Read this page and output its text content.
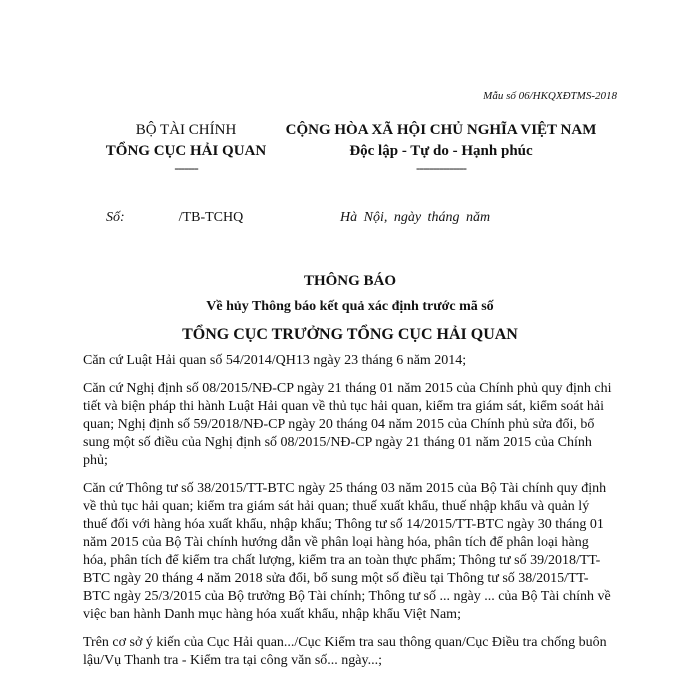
Mẫu số 06/HKQXĐTMS-2018
BỘ TÀI CHÍNH
TỔNG CỤC HẢI QUAN
-------
CỘNG HÒA XÃ HỘI CHỦ NGHĨA VIỆT NAM
Độc lập - Tự do - Hạnh phúc
---------------
Số:	/TB-TCHQ	Hà Nội, ngày tháng năm
THÔNG BÁO
Về hủy Thông báo kết quả xác định trước mã số
TỔNG CỤC TRƯỞNG TỔNG CỤC HẢI QUAN

Căn cứ Luật Hải quan số 54/2014/QH13 ngày 23 tháng 6 năm 2014;

Căn cứ Nghị định số 08/2015/NĐ-CP ngày 21 tháng 01 năm 2015 của Chính phủ quy định chi tiết và biện pháp thi hành Luật Hải quan về thủ tục hải quan, kiểm tra giám sát, kiểm soát hải quan; Nghị định số 59/2018/NĐ-CP ngày 20 tháng 04 năm 2015 của Chính phủ sửa đổi, bổ sung một số điều của Nghị định số 08/2015/NĐ-CP ngày 21 tháng 01 năm 2015 của Chính phủ;

Căn cứ Thông tư số 38/2015/TT-BTC ngày 25 tháng 03 năm 2015 của Bộ Tài chính quy định về thủ tục hải quan; kiểm tra giám sát hải quan; thuế xuất khẩu, thuế nhập khẩu và quản lý thuế đối với hàng hóa xuất khẩu, nhập khẩu; Thông tư số 14/2015/TT-BTC ngày 30 tháng 01 năm 2015 của Bộ Tài chính hướng dẫn về phân loại hàng hóa, phân tích để phân loại hàng hóa, phân tích để kiểm tra chất lượng, kiểm tra an toàn thực phẩm; Thông tư số 39/2018/TT-BTC ngày 20 tháng 4 năm 2018 sửa đổi, bổ sung một số điều tại Thông tư số 38/2015/TT-BTC ngày 25/3/2015 của Bộ trưởng Bộ Tài chính; Thông tư số ... ngày ... của Bộ Tài chính về việc ban hành Danh mục hàng hóa xuất khẩu, nhập khẩu Việt Nam;

Trên cơ sở ý kiến của Cục Hải quan.../Cục Kiểm tra sau thông quan/Cục Điều tra chống buôn lậu/Vụ Thanh tra - Kiểm tra tại công văn số... ngày...;
